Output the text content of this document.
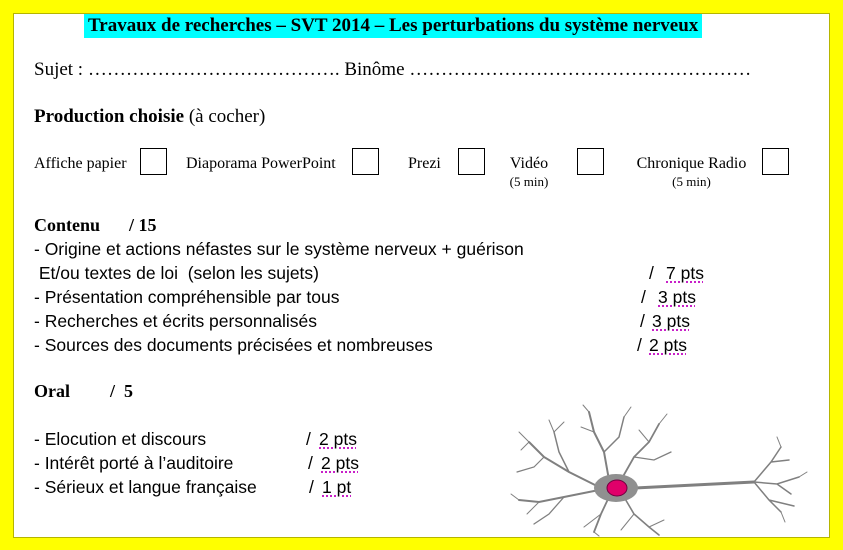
Travaux de recherches – SVT 2014 – Les perturbations du système nerveux
Sujet : …………………………………. Binôme ………………………………………………
Production choisie (à cocher)
Affiche papier	Diaporama PowerPoint	Prezi	Vidéo
(5 min)
Chronique Radio
(5 min)
Contenu / 15
- Origine et actions néfastes sur le système nerveux + guérison
Et/ou textes de loi  (selon les sujets)	/ 7 pts
- Présentation compréhensible par tous	/ 3 pts
- Recherches et écrits personnalisés	/ 3 pts
- Sources des documents précisées et nombreuses	/ 2 pts
Oral /  5
- Elocution et discours	/ 2 pts
- Intérêt porté à l’auditoire	/ 2 pts
- Sérieux et langue française	/ 1 pt
